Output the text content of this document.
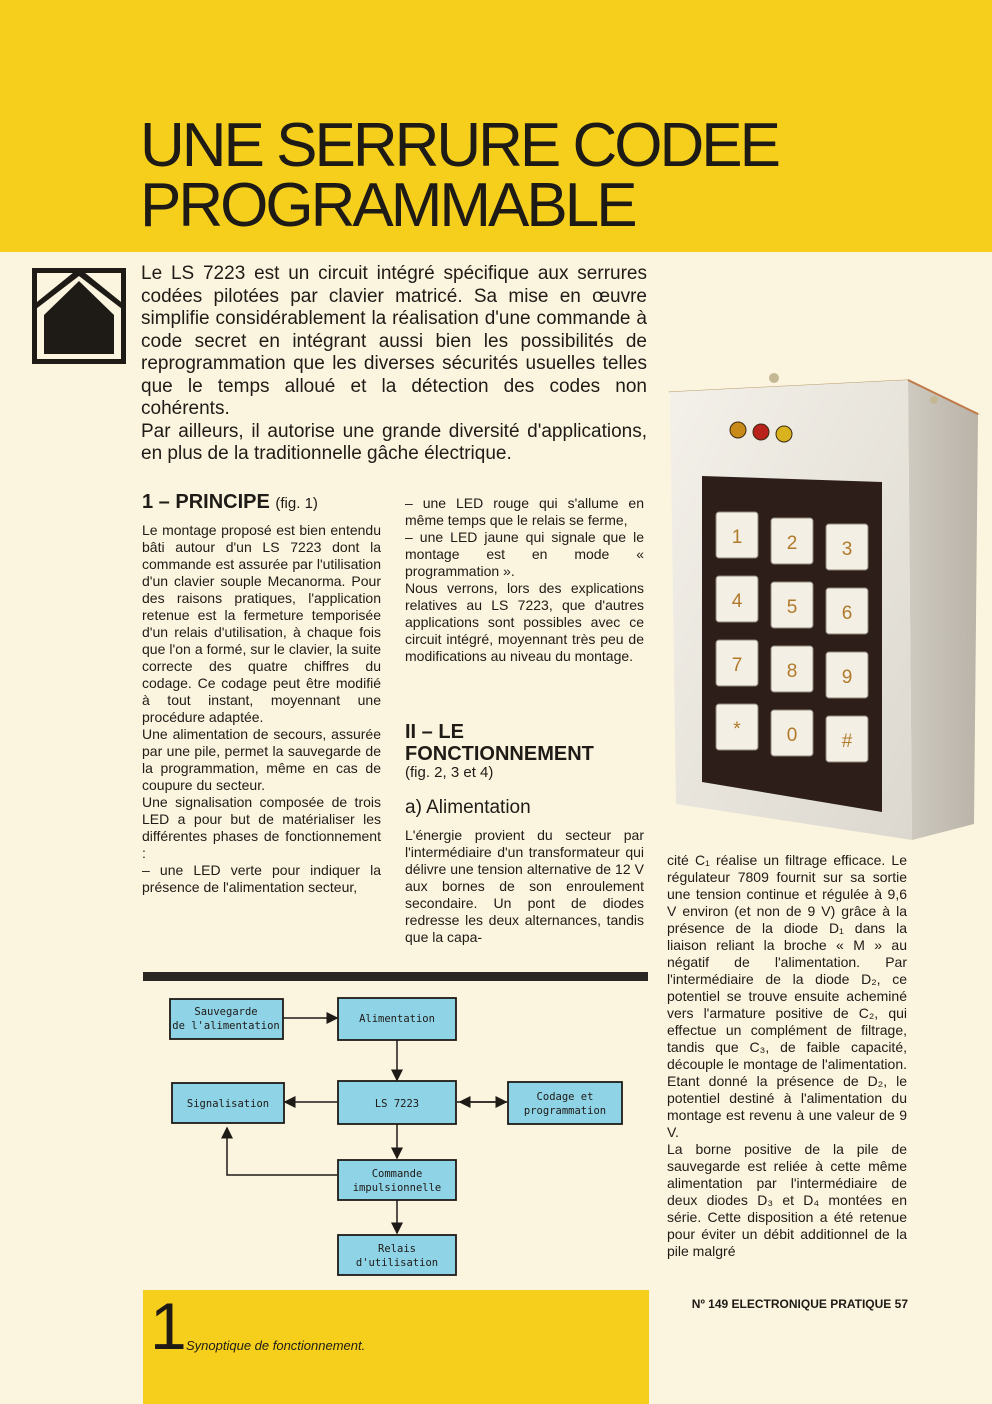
UNE SERRURE CODEE
PROGRAMMABLE

Le LS 7223 est un circuit intégré spécifique aux serrures codées pilotées par clavier matricé. Sa mise en œuvre simplifie considérablement la réalisation d'une commande à code secret en intégrant aussi bien les possibilités de reprogrammation que les diverses sécurités usuelles telles que le temps alloué et la détection des codes non cohérents.

Par ailleurs, il autorise une grande diversité d'applications, en plus de la traditionnelle gâche électrique.

1 – PRINCIPE (fig. 1)

Le montage proposé est bien entendu bâti autour d'un LS 7223 dont la commande est assurée par l'utilisation d'un clavier souple Mecanorma. Pour des raisons pratiques, l'application retenue est la fermeture temporisée d'un relais d'utilisation, à chaque fois que l'on a formé, sur le clavier, la suite correcte des quatre chiffres du codage. Ce codage peut être modifié à tout instant, moyennant une procédure adaptée.

Une alimentation de secours, assurée par une pile, permet la sauvegarde de la programmation, même en cas de coupure du secteur.

Une signalisation composée de trois LED a pour but de matérialiser les différentes phases de fonctionnement :

– une LED verte pour indiquer la présence de l'alimentation secteur,

– une LED rouge qui s'allume en même temps que le relais se ferme,

– une LED jaune qui signale que le montage est en mode « programmation ».

Nous verrons, lors des explications relatives au LS 7223, que d'autres applications sont possibles avec ce circuit intégré, moyennant très peu de modifications au niveau du montage.

II – LE
FONCTIONNEMENT
(fig. 2, 3 et 4)
a) Alimentation

L'énergie provient du secteur par l'intermédiaire d'un transformateur qui délivre une tension alternative de 12 V aux bornes de son enroulement secondaire. Un pont de diodes redresse les deux alternances, tandis que la capa-

cité C₁ réalise un filtrage efficace. Le régulateur 7809 fournit sur sa sortie une tension continue et régulée à 9,6 V environ (et non de 9 V) grâce à la présence de la diode D₁ dans la liaison reliant la broche « M » au négatif de l'alimentation. Par l'intermédiaire de la diode D₂, ce potentiel se trouve ensuite acheminé vers l'armature positive de C₂, qui effectue un complément de filtrage, tandis que C₃, de faible capacité, découple le montage de l'alimentation. Etant donné la présence de D₂, le potentiel destiné à l'alimentation du montage est revenu à une valeur de 9 V.

La borne positive de la pile de sauvegarde est reliée à cette même alimentation par l'intermédiaire de deux diodes D₃ et D₄ montées en série. Cette disposition a été retenue pour éviter un débit additionnel de la pile malgré

1 2 3
4 5 6
7 8 9
* 0 #
Sauvegarde
de l'alimentation
Alimentation
Signalisation	LS 7223
Codage et
programmation
Commande
impulsionnelle
Relais
d'utilisation
1 Synoptique de fonctionnement.
Nº 149 ELECTRONIQUE PRATIQUE 57
